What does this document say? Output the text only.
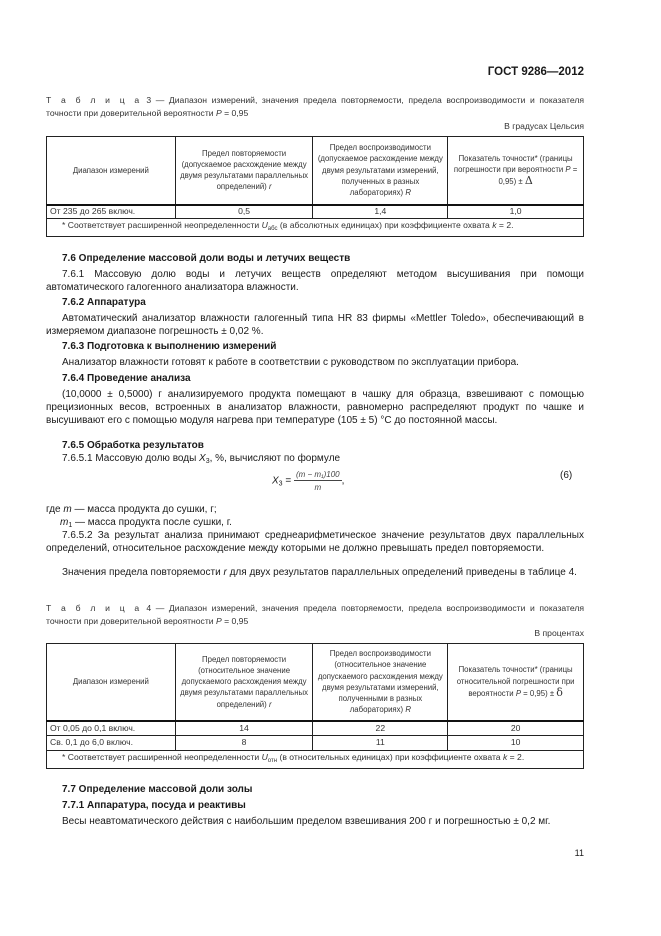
ГОСТ 9286—2012
Т а б л и ц а 3 — Диапазон измерений, значения предела повторяемости, предела воспроизводимости и показателя точности при доверительной вероятности P = 0,95
В градусах Цельсия
Диапазон измерений	Предел повторяемости (допускаемое расхождение между двумя результатами параллельных определений) r	Предел воспроизводимости (допускаемое расхождение между двумя результатами измерений, полученных в разных лабораториях) R	Показатель точности* (границы погрешности при вероятности P = 0,95) ± Δ
От 235 до 265 включ.	0,5	1,4	1,0
* Соответствует расширенной неопределенности $U_{абс}$ (в абсолютных единицах) при коэффициенте охвата k = 2.			
7.6 Определение массовой доли воды и летучих веществ
7.6.1 Массовую долю воды и летучих веществ определяют методом высушивания при помощи автоматического галогенного анализатора влажности.
7.6.2 Аппаратура
Автоматический анализатор влажности галогенный типа HR 83 фирмы «Mettler Toledo», обеспечивающий в измеряемом диапазоне погрешность ± 0,02 %.
7.6.3 Подготовка к выполнению измерений
Анализатор влажности готовят к работе в соответствии с руководством по эксплуатации прибора.
7.6.4 Проведение анализа
(10,0000 ± 0,5000) г анализируемого продукта помещают в чашку для образца, взвешивают с помощью прецизионных весов, встроенных в анализатор влажности, равномерно распределяют продукт по чашке и высушивают его с помощью модуля нагрева при температуре (105 ± 5) °С до постоянной массы.
7.6.5 Обработка результатов
7.6.5.1 Массовую долю воды $X_3$, %, вычисляют по формуле
$X_3 = \frac{\text{(m − m₁)100}}{m}$ ,
(6)
где m — масса продукта до сушки, г;
$m_1$ — масса продукта после сушки, г.
7.6.5.2 За результат анализа принимают среднеарифметическое значение результатов двух параллельных определений, относительное расхождение между которыми не должно превышать предел повторяемости.
Значения предела повторяемости r для двух результатов параллельных определений приведены в таблице 4.
Т а б л и ц а 4 — Диапазон измерений, значения предела повторяемости, предела воспроизводимости и показателя точности при доверительной вероятности P = 0,95
В процентах
Диапазон измерений	Предел повторяемости (относительное значение допускаемого расхождения между двумя результатами параллельных определений) r	Предел воспроизводимости (относительное значение допускаемого расхождения между двумя результатами измерений, полученными в разных лабораториях) R	Показатель точности* (границы относительной погрешности при вероятности P = 0,95) ± δ
От 0,05 до 0,1 включ.	14	22	20
Св. 0,1 до 6,0 включ.	8	11	10
* Соответствует расширенной неопределенности $U_{отн}$ (в относительных единицах) при коэффициенте охвата k = 2.			
7.7 Определение массовой доли золы
7.7.1 Аппаратура, посуда и реактивы
Весы неавтоматического действия с наибольшим пределом взвешивания 200 г и погрешностью ± 0,2 мг.
11
